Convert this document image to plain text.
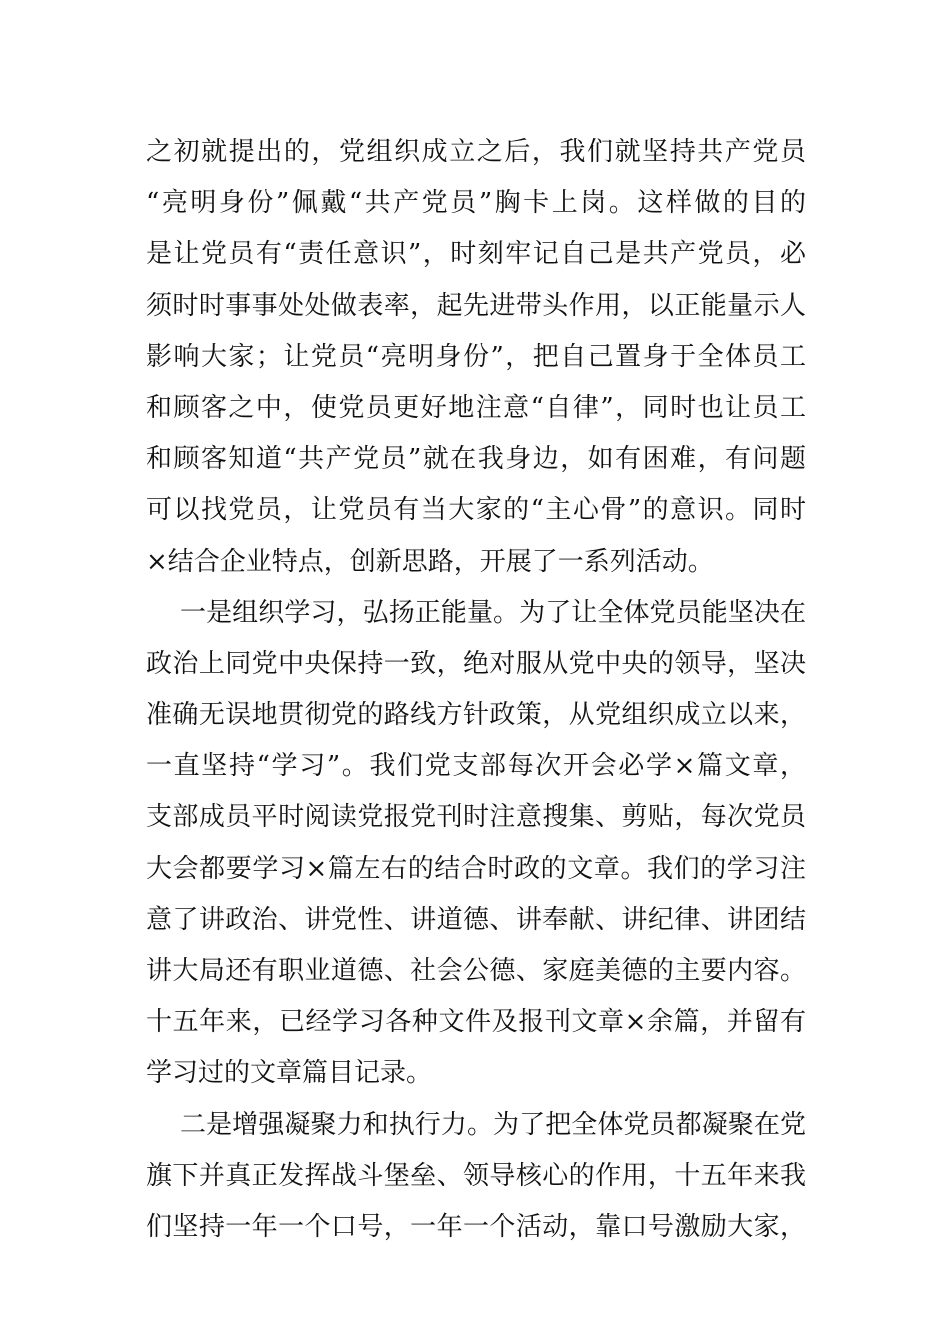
之初就提出的，党组织成立之后，我们就坚持共产党员
“亮明身份”佩戴“共产党员”胸卡上岗。这样做的目的
是让党员有“责任意识”，时刻牢记自己是共产党员，必
须时时事事处处做表率，起先进带头作用，以正能量示人
影响大家；让党员“亮明身份”，把自己置身于全体员工
和顾客之中，使党员更好地注意“自律”，同时也让员工
和顾客知道“共产党员”就在我身边，如有困难，有问题
可以找党员，让党员有当大家的“主心骨”的意识。同时
×结合企业特点，创新思路，开展了一系列活动。
一是组织学习，弘扬正能量。为了让全体党员能坚决在
政治上同党中央保持一致，绝对服从党中央的领导，坚决
准确无误地贯彻党的路线方针政策，从党组织成立以来，
一直坚持“学习”。我们党支部每次开会必学×篇文章，
支部成员平时阅读党报党刊时注意搜集、剪贴，每次党员
大会都要学习×篇左右的结合时政的文章。我们的学习注
意了讲政治、讲党性、讲道德、讲奉献、讲纪律、讲团结
讲大局还有职业道德、社会公德、家庭美德的主要内容。
十五年来，已经学习各种文件及报刊文章×余篇，并留有
学习过的文章篇目记录。
二是增强凝聚力和执行力。为了把全体党员都凝聚在党
旗下并真正发挥战斗堡垒、领导核心的作用，十五年来我
们坚持一年一个口号，一年一个活动，靠口号激励大家，
